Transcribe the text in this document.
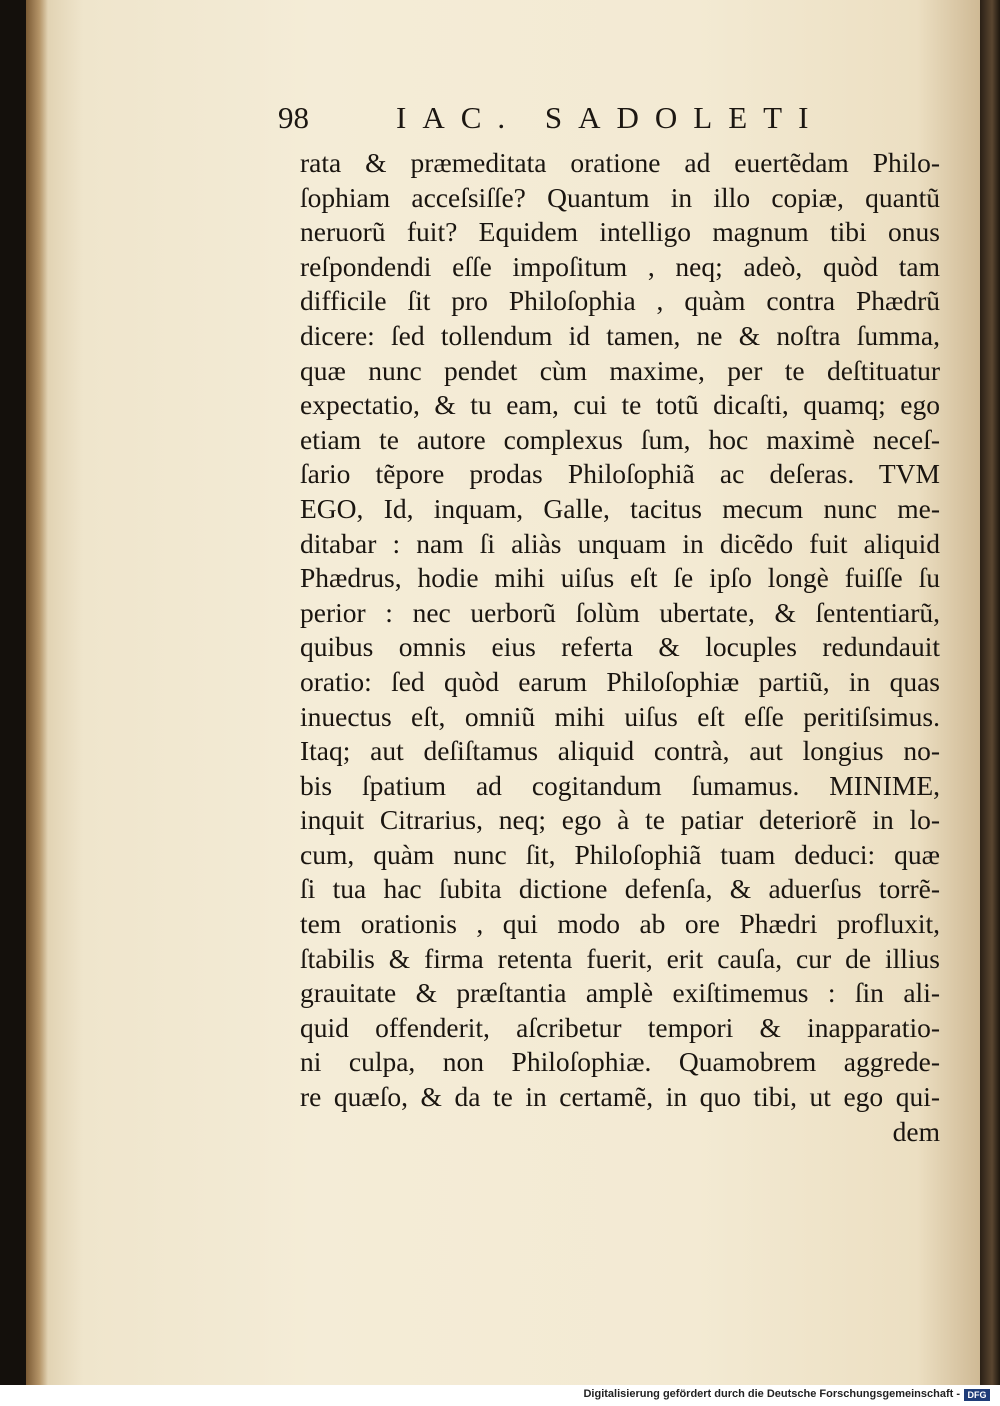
98	IAC. SADOLETI
rata & præmeditata oratione ad euertẽdam Philo-
ſophiam acceſsiſſe? Quantum in illo copiæ, quantũ
neruorũ fuit? Equidem intelligo magnum tibi onus
reſpondendi eſſe impoſitum , neq; adeò, quòd tam
difficile ſit pro Philoſophia , quàm contra Phædrũ
dicere: ſed tollendum id tamen, ne & noſtra ſumma,
quæ nunc pendet cùm maxime, per te deſtituatur
expectatio, & tu eam, cui te totũ dicaſti, quamq; ego
etiam te autore complexus ſum, hoc maximè neceſ-
ſario tẽpore prodas Philoſophiã ac deſeras. TVM
EGO, Id, inquam, Galle, tacitus mecum nunc me-
ditabar : nam ſi aliàs unquam in dicẽdo fuit aliquid
Phædrus, hodie mihi uiſus eſt ſe ipſo longè fuiſſe ſu
perior : nec uerborũ ſolùm ubertate, & ſententiarũ,
quibus omnis eius referta & locuples redundauit
oratio: ſed quòd earum Philoſophiæ partiũ, in quas
inuectus eſt, omniũ mihi uiſus eſt eſſe peritiſsimus.
Itaq; aut deſiſtamus aliquid contrà, aut longius no-
bis ſpatium ad cogitandum ſumamus. MINIME,
inquit Citrarius, neq; ego à te patiar deteriorẽ in lo-
cum, quàm nunc ſit, Philoſophiã tuam deduci: quæ
ſi tua hac ſubita dictione defenſa, & aduerſus torrẽ-
tem orationis , qui modo ab ore Phædri profluxit,
ſtabilis & firma retenta fuerit, erit cauſa, cur de illius
grauitate & præſtantia amplè exiſtimemus : ſin ali-
quid offenderit, aſcribetur tempori & inapparatio-
ni culpa, non Philoſophiæ. Quamobrem aggrede-
re quæſo, & da te in certamẽ, in quo tibi, ut ego qui-
dem
Digitalisierung gefördert durch die Deutsche Forschungsgemeinschaft - DFG
